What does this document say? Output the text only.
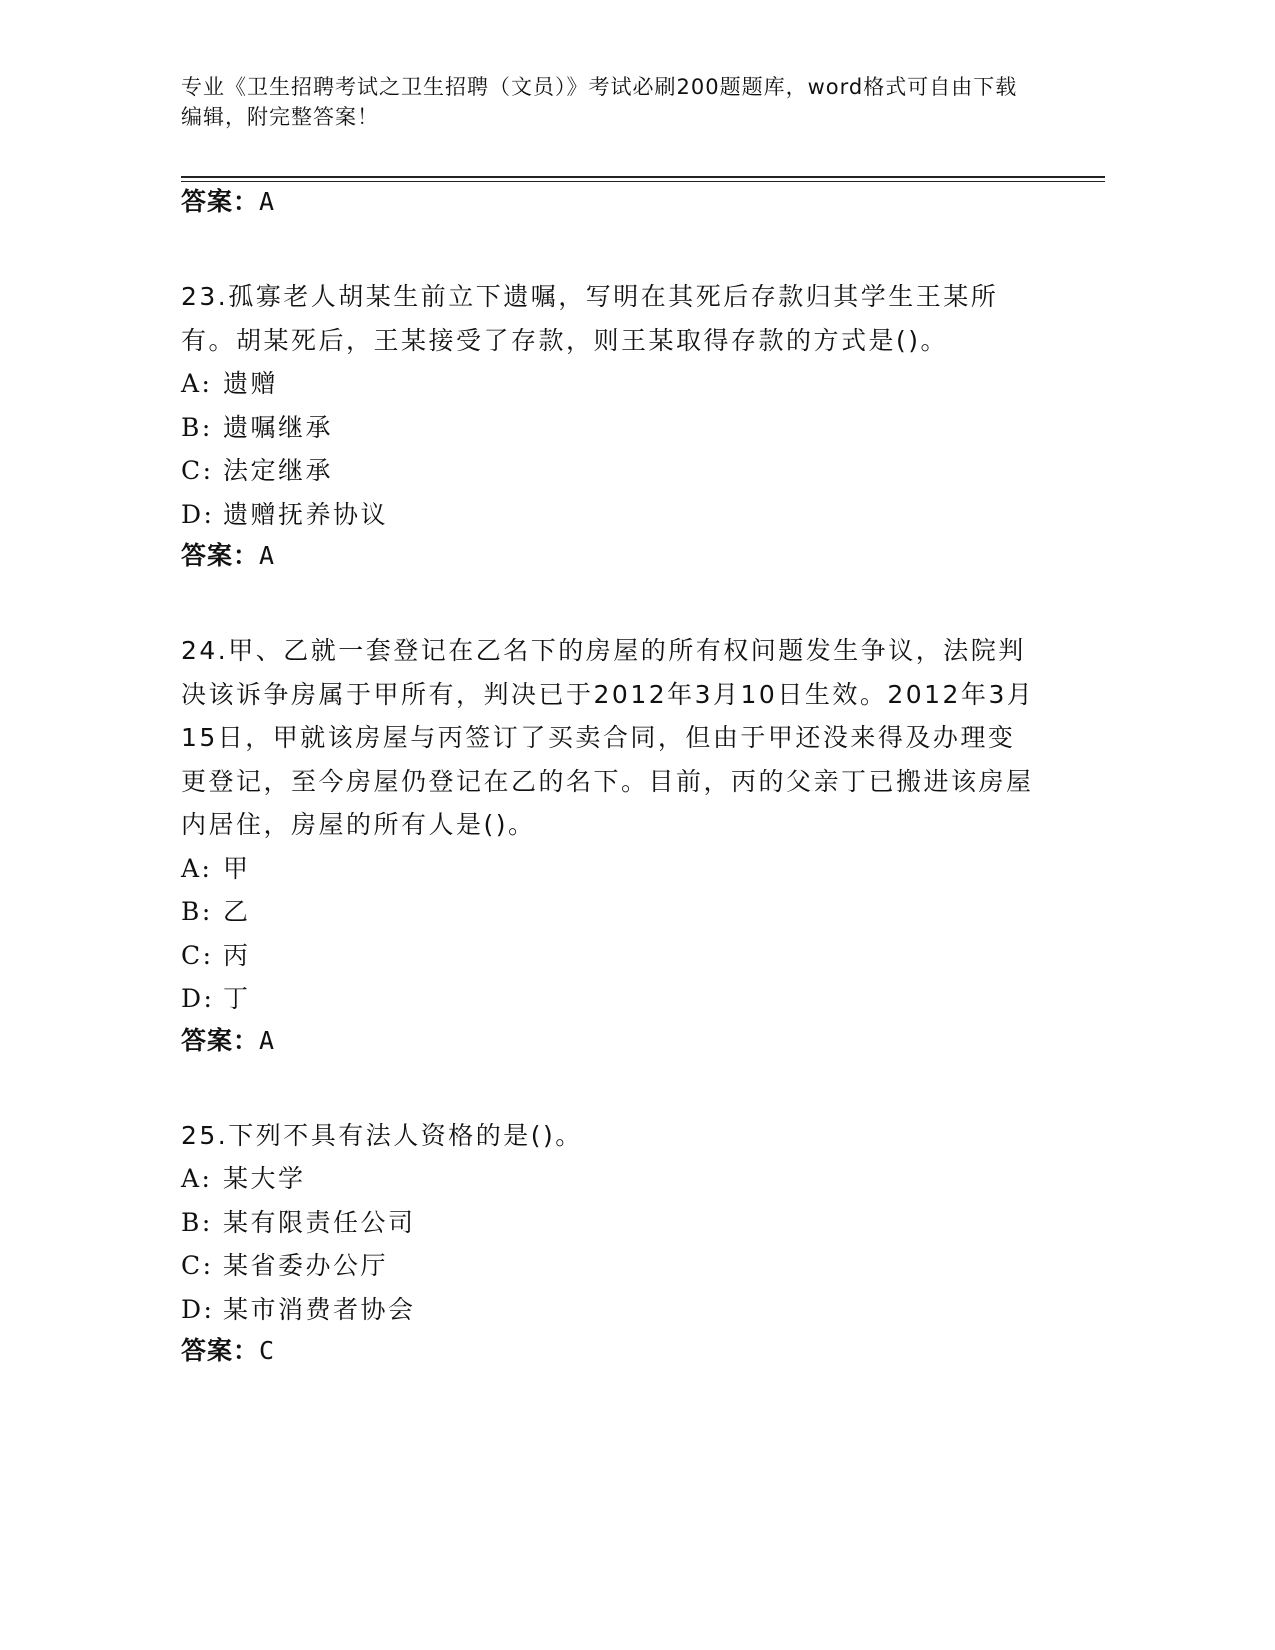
专业《卫生招聘考试之卫生招聘（文员）》考试必刷200题题库，word格式可自由下载编辑，附完整答案！
答案：A
23.孤寡老人胡某生前立下遗嘱，写明在其死后存款归其学生王某所有。胡某死后，王某接受了存款，则王某取得存款的方式是()。
A: 遗赠
B: 遗嘱继承
C: 法定继承
D: 遗赠抚养协议
答案：A
24.甲、乙就一套登记在乙名下的房屋的所有权问题发生争议，法院判决该诉争房属于甲所有，判决已于2012年3月10日生效。2012年3月15日，甲就该房屋与丙签订了买卖合同，但由于甲还没来得及办理变更登记，至今房屋仍登记在乙的名下。目前，丙的父亲丁已搬进该房屋内居住，房屋的所有人是()。
A: 甲
B: 乙
C: 丙
D: 丁
答案：A
25.下列不具有法人资格的是()。
A: 某大学
B: 某有限责任公司
C: 某省委办公厅
D: 某市消费者协会
答案：C
